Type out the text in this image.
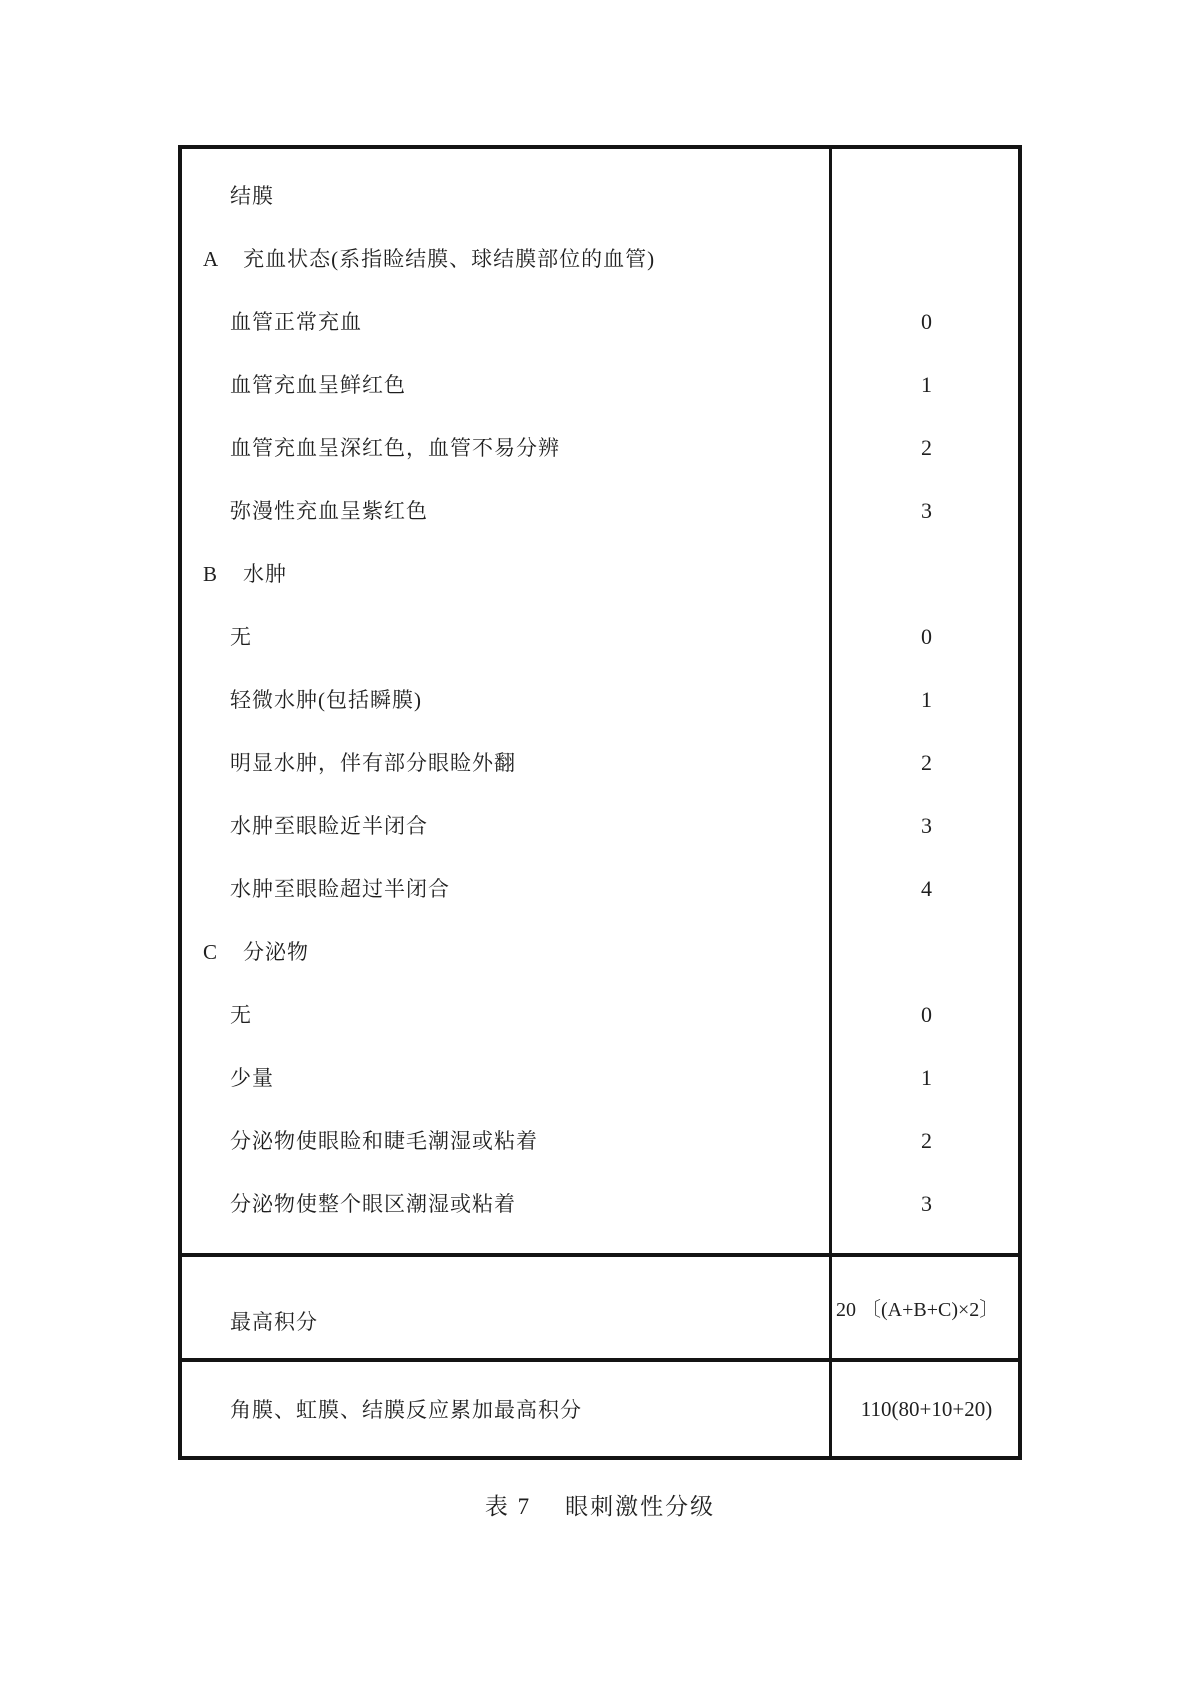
结膜
A 充血状态(系指睑结膜、球结膜部位的血管)
血管正常充血	0
血管充血呈鲜红色	1
血管充血呈深红色，血管不易分辨	2
弥漫性充血呈紫红色	3
B 水肿
无	0
轻微水肿(包括瞬膜)	1
明显水肿，伴有部分眼睑外翻	2
水肿至眼睑近半闭合	3
水肿至眼睑超过半闭合	4
C 分泌物
无	0
少量	1
分泌物使眼睑和睫毛潮湿或粘着	2
分泌物使整个眼区潮湿或粘着	3
最高积分	20 〔(A+B+C)×2〕
角膜、虹膜、结膜反应累加最高积分	110(80+10+20)
表 7 眼刺激性分级
